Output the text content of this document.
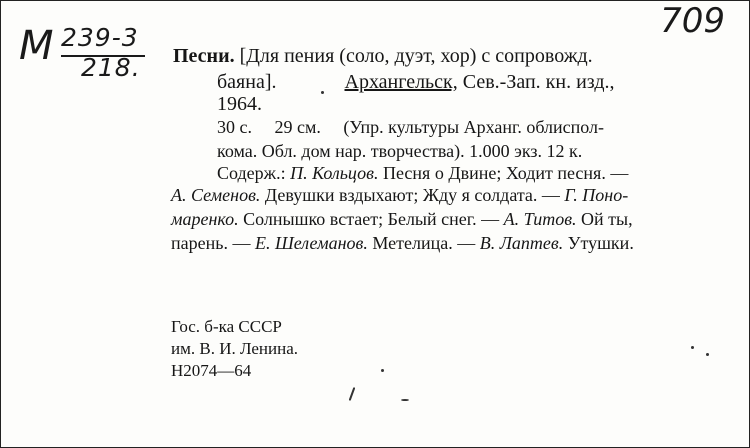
М 239-3
218.
709
Песни. [Для пения (соло, дуэт, хор) с сопровожд.
баяна].	Архангельск, Сев.-Зап. кн. изд.,
1964.
30 с.     29 см.     (Упр. культуры Арханг. облиспол-
кома. Обл. дом нар. творчества). 1.000 экз. 12 к.
Содерж.: П. Кольцов. Песня о Двине; Ходит песня. —
А. Семенов. Девушки вздыхают; Жду я солдата. — Г. Поно-
маренко. Солнышко встает; Белый снег. — А. Титов. Ой ты,
парень. — Е. Шелеманов. Метелица. — В. Лаптев. Утушки.
Гос. б-ка СССР
им. В. И. Ленина.
Н2074—64
